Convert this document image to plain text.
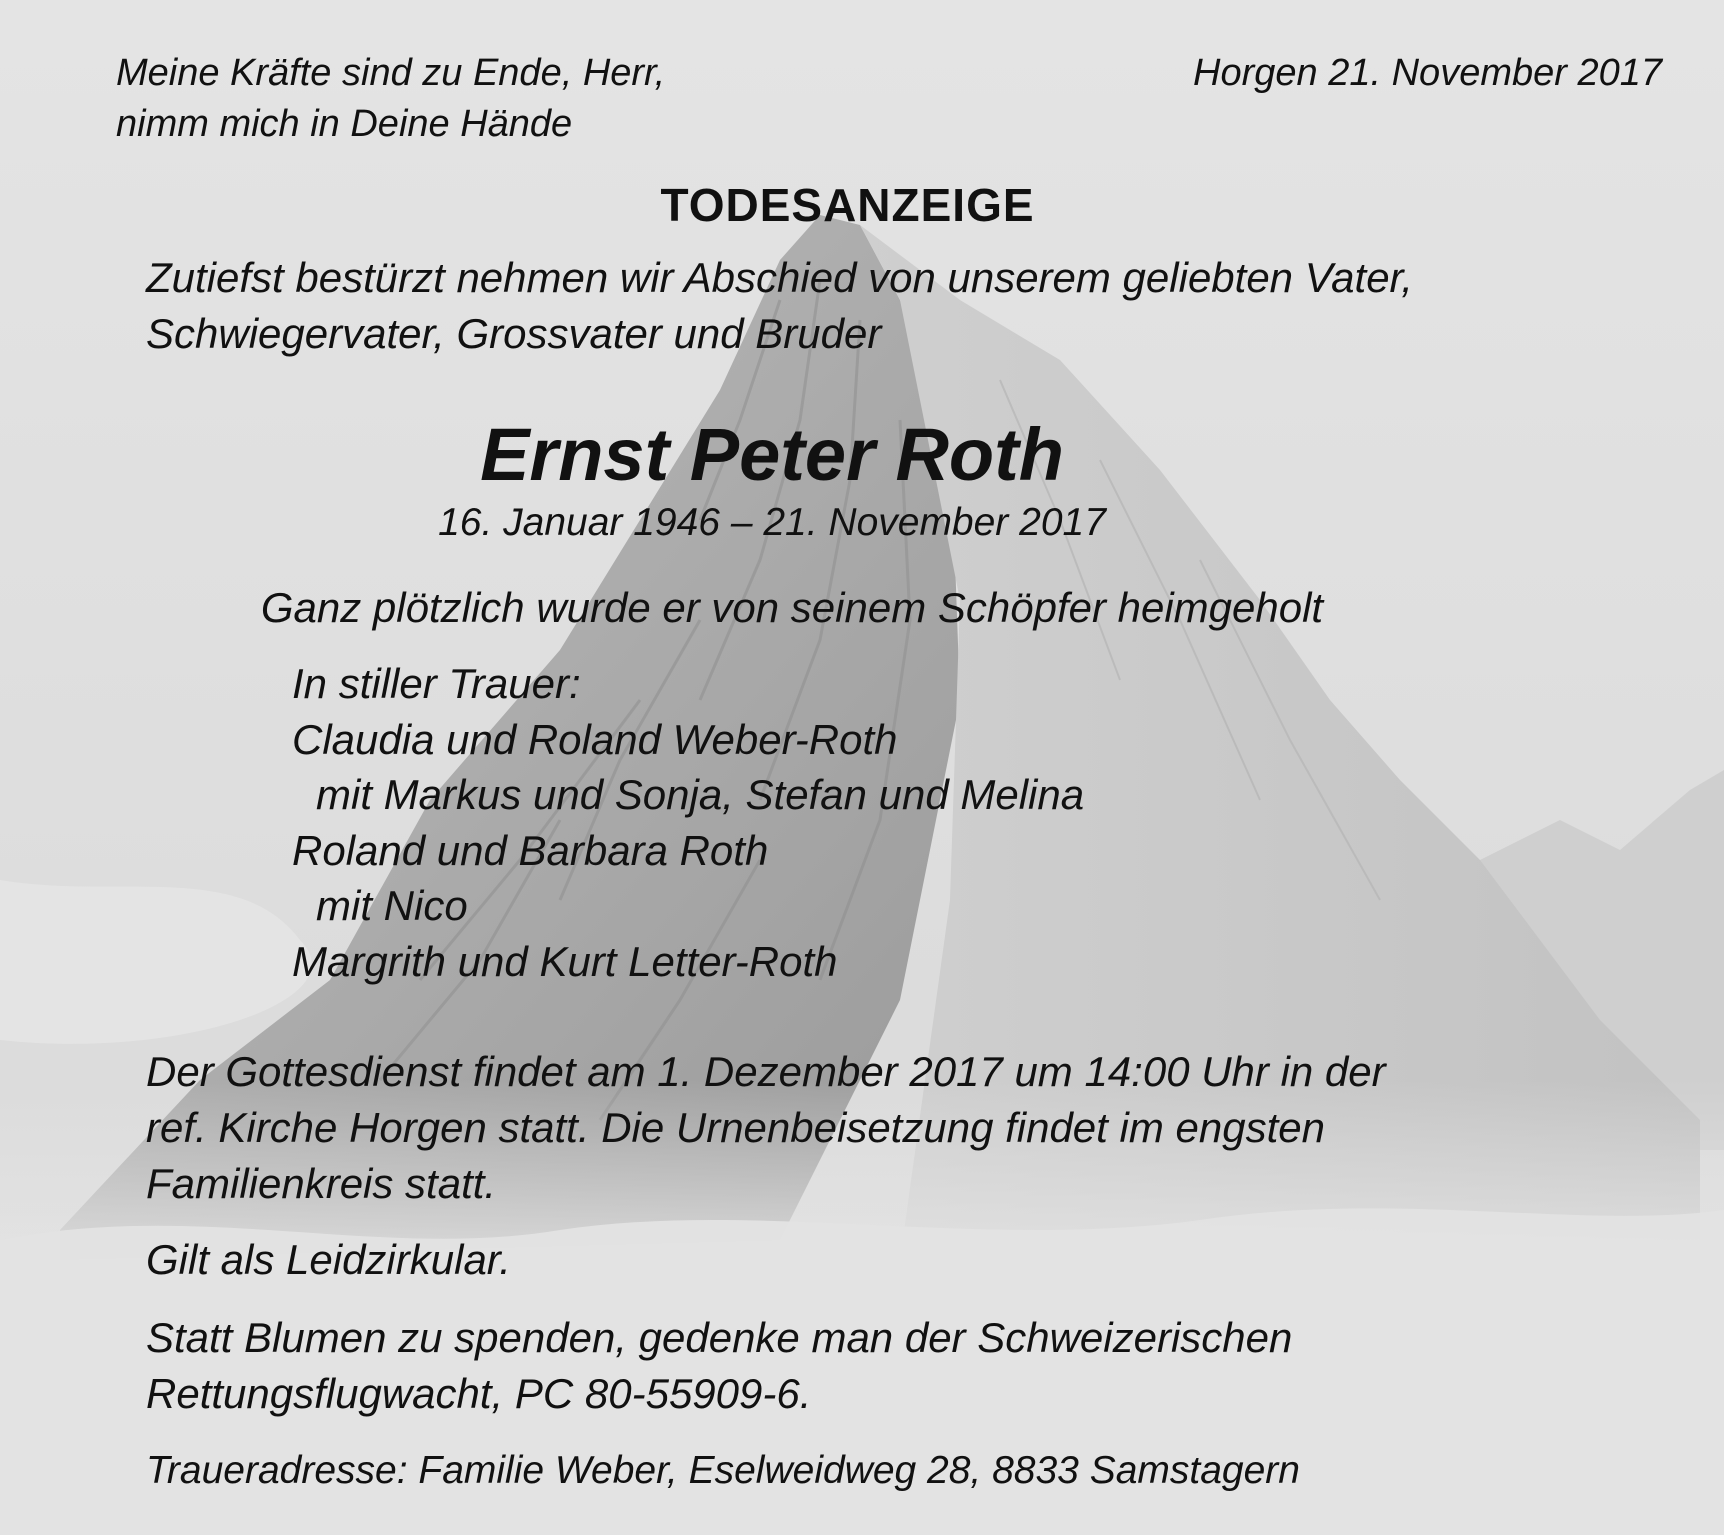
Meine Kräfte sind zu Ende, Herr,
nimm mich in Deine Hände

Horgen 21. November 2017

TODESANZEIGE

Zutiefst bestürzt nehmen wir Abschied von unserem geliebten Vater,
Schwiegervater, Grossvater und Bruder

Ernst Peter Roth

16. Januar 1946 – 21. November 2017

Ganz plötzlich wurde er von seinem Schöpfer heimgeholt

In stiller Trauer:
Claudia und Roland Weber-Roth
mit Markus und Sonja, Stefan und Melina
Roland und Barbara Roth
mit Nico
Margrith und Kurt Letter-Roth

Der Gottesdienst findet am 1. Dezember 2017 um 14:00 Uhr in der
ref. Kirche Horgen statt. Die Urnenbeisetzung findet im engsten
Familienkreis statt.

Gilt als Leidzirkular.

Statt Blumen zu spenden, gedenke man der Schweizerischen
Rettungsflugwacht, PC 80-55909-6.

Traueradresse: Familie Weber, Eselweidweg 28, 8833 Samstagern
